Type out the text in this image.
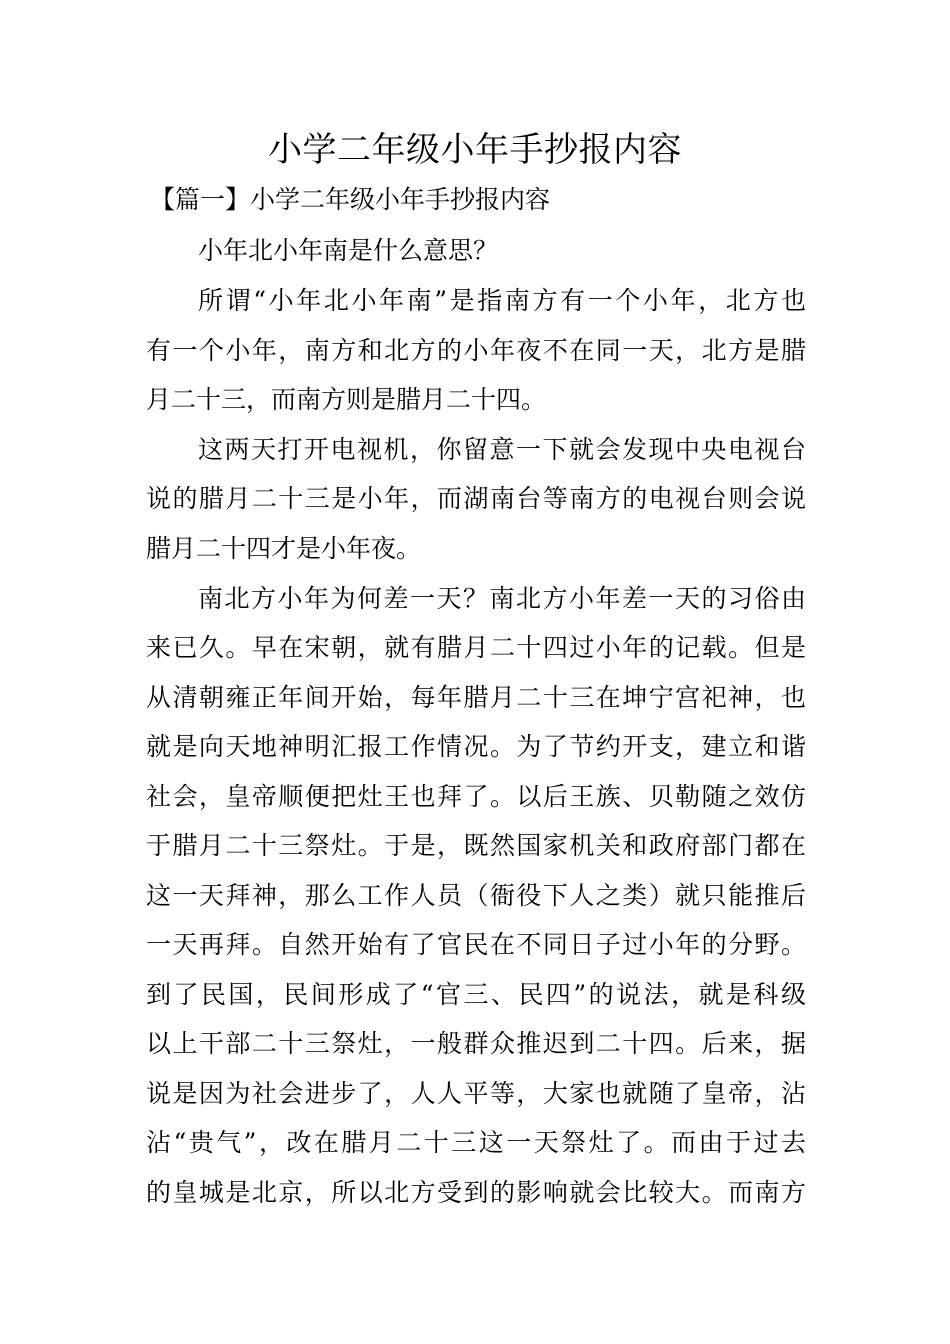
小学二年级小年手抄报内容
【篇一】小学二年级小年手抄报内容
小年北小年南是什么意思？
所谓“小年北小年南”是指南方有一个小年，北方也
有一个小年，南方和北方的小年夜不在同一天，北方是腊
月二十三，而南方则是腊月二十四。
这两天打开电视机，你留意一下就会发现中央电视台
说的腊月二十三是小年，而湖南台等南方的电视台则会说
腊月二十四才是小年夜。
南北方小年为何差一天？南北方小年差一天的习俗由
来已久。早在宋朝，就有腊月二十四过小年的记载。但是
从清朝雍正年间开始，每年腊月二十三在坤宁宫祀神，也
就是向天地神明汇报工作情况。为了节约开支，建立和谐
社会，皇帝顺便把灶王也拜了。以后王族、贝勒随之效仿
于腊月二十三祭灶。于是，既然国家机关和政府部门都在
这一天拜神，那么工作人员（衙役下人之类）就只能推后
一天再拜。自然开始有了官民在不同日子过小年的分野。
到了民国，民间形成了“官三、民四”的说法，就是科级
以上干部二十三祭灶，一般群众推迟到二十四。后来，据
说是因为社会进步了，人人平等，大家也就随了皇帝，沾
沾“贵气”，改在腊月二十三这一天祭灶了。而由于过去
的皇城是北京，所以北方受到的影响就会比较大。而南方
